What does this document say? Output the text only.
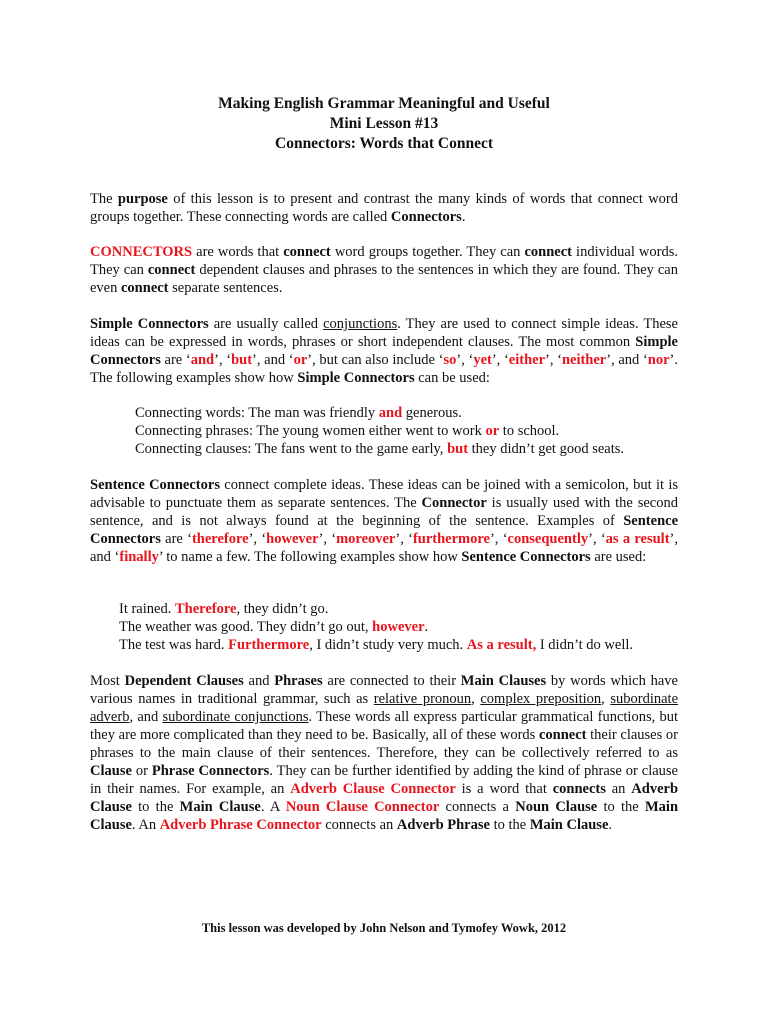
Making English Grammar Meaningful and Useful
Mini Lesson #13
Connectors: Words that Connect
The purpose of this lesson is to present and contrast the many kinds of words that connect word groups together. These connecting words are called Connectors.
CONNECTORS are words that connect word groups together. They can connect individual words. They can connect dependent clauses and phrases to the sentences in which they are found. They can even connect separate sentences.
Simple Connectors are usually called conjunctions. They are used to connect simple ideas. These ideas can be expressed in words, phrases or short independent clauses. The most common Simple Connectors are ‘and’, ‘but’, and ‘or’, but can also include ‘so’, ‘yet’, ‘either’, ‘neither’, and ‘nor’. The following examples show how Simple Connectors can be used:
Connecting words: The man was friendly and generous.
Connecting phrases: The young women either went to work or to school.
Connecting clauses: The fans went to the game early, but they didn’t get good seats.
Sentence Connectors connect complete ideas. These ideas can be joined with a semicolon, but it is advisable to punctuate them as separate sentences. The Connector is usually used with the second sentence, and is not always found at the beginning of the sentence. Examples of Sentence Connectors are ‘therefore’, ‘however’, ‘moreover’, ‘furthermore’, ‘consequently’, ‘as a result’, and ‘finally’ to name a few. The following examples show how Sentence Connectors are used:
It rained. Therefore, they didn’t go.
The weather was good. They didn’t go out, however.
The test was hard. Furthermore, I didn’t study very much. As a result, I didn’t do well.
Most Dependent Clauses and Phrases are connected to their Main Clauses by words which have various names in traditional grammar, such as relative pronoun, complex preposition, subordinate adverb, and subordinate conjunctions. These words all express particular grammatical functions, but they are more complicated than they need to be. Basically, all of these words connect their clauses or phrases to the main clause of their sentences. Therefore, they can be collectively referred to as Clause or Phrase Connectors. They can be further identified by adding the kind of phrase or clause in their names. For example, an Adverb Clause Connector is a word that connects an Adverb Clause to the Main Clause. A Noun Clause Connector connects a Noun Clause to the Main Clause. An Adverb Phrase Connector connects an Adverb Phrase to the Main Clause.
This lesson was developed by John Nelson and Tymofey Wowk, 2012
